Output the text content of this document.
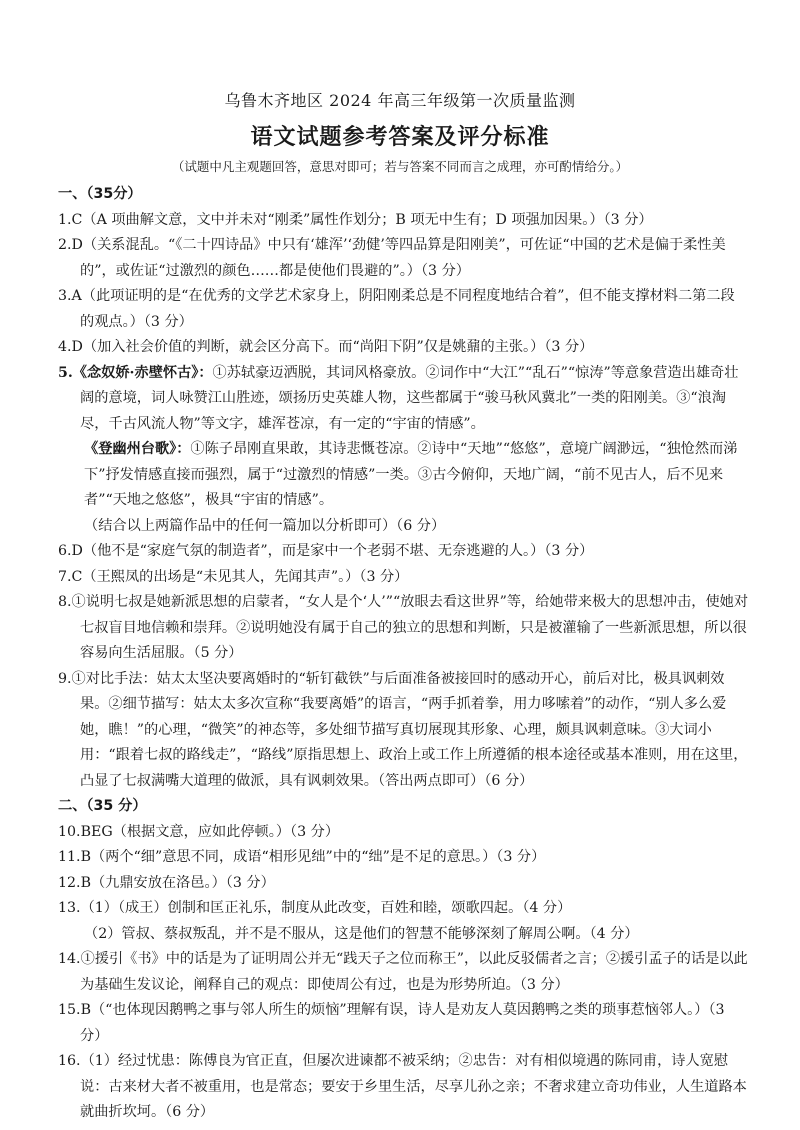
乌鲁木齐地区 2024 年高三年级第一次质量监测
语文试题参考答案及评分标准
（试题中凡主观题回答，意思对即可；若与答案不同而言之成理，亦可酌情给分。）

一、（35分）

1.C（A 项曲解文意，文中并未对“刚柔”属性作划分；B 项无中生有；D 项强加因果。）（3 分）

2.D（关系混乱。“《二十四诗品》中只有‘雄浑’‘劲健’等四品算是阳刚美”，可佐证“中国的艺术是偏于柔性美的”，或佐证“过激烈的颜色……都是使他们畏避的”。）（3 分）

3.A（此项证明的是“在优秀的文学艺术家身上，阴阳刚柔总是不同程度地结合着”，但不能支撑材料二第二段的观点。）（3 分）

4.D（加入社会价值的判断，就会区分高下。而“尚阳下阴”仅是姚鼐的主张。）（3 分）

5.《念奴娇·赤壁怀古》：①苏轼豪迈洒脱，其词风格豪放。②词作中“大江”“乱石”“惊涛”等意象营造出雄奇壮阔的意境，词人咏赞江山胜迹，颂扬历史英雄人物，这些都属于“骏马秋风冀北”一类的阳刚美。③“浪淘尽，千古风流人物”等文字，雄浑苍凉，有一定的“宇宙的情感”。

《登幽州台歌》：①陈子昂刚直果敢，其诗悲慨苍凉。②诗中“天地”“悠悠”，意境广阔渺远，“独怆然而涕下”抒发情感直接而强烈，属于“过激烈的情感”一类。③古今俯仰，天地广阔，“前不见古人，后不见来者”“天地之悠悠”，极具“宇宙的情感”。

（结合以上两篇作品中的任何一篇加以分析即可）（6 分）

6.D（他不是“家庭气氛的制造者”，而是家中一个老弱不堪、无奈逃避的人。）（3 分）

7.C（王熙凤的出场是“未见其人，先闻其声”。）（3 分）

8.①说明七叔是她新派思想的启蒙者，“女人是个‘人’”“放眼去看这世界”等，给她带来极大的思想冲击，使她对七叔盲目地信赖和崇拜。②说明她没有属于自己的独立的思想和判断，只是被灌输了一些新派思想，所以很容易向生活屈服。（5 分）

9.①对比手法：姑太太坚决要离婚时的“斩钉截铁”与后面准备被接回时的感动开心，前后对比，极具讽刺效果。②细节描写：姑太太多次宣称“我要离婚”的语言，“两手抓着拳，用力哆嗦着”的动作，“别人多么爱她，瞧！”的心理，“微笑”的神态等，多处细节描写真切展现其形象、心理，颇具讽刺意味。③大词小用：“跟着七叔的路线走”，“路线”原指思想上、政治上或工作上所遵循的根本途径或基本准则，用在这里，凸显了七叔满嘴大道理的做派，具有讽刺效果。（答出两点即可）（6 分）

二、（35 分）

10.BEG（根据文意，应如此停顿。）（3 分）

11.B（两个“细”意思不同，成语“相形见绌”中的“绌”是不足的意思。）（3 分）

12.B（九鼎安放在洛邑。）（3 分）

13.（1）（成王）创制和匡正礼乐，制度从此改变，百姓和睦，颂歌四起。（4 分）

（2）管叔、蔡叔叛乱，并不是不服从，这是他们的智慧不能够深刻了解周公啊。（4 分）

14.①援引《书》中的话是为了证明周公并无“践天子之位而称王”，以此反驳儒者之言；②援引孟子的话是以此为基础生发议论，阐释自己的观点：即使周公有过，也是为形势所迫。（3 分）

15.B（“也体现因鹅鸭之事与邻人所生的烦恼”理解有误，诗人是劝友人莫因鹅鸭之类的琐事惹恼邻人。）（3 分）

16.（1）经过忧患：陈傅良为官正直，但屡次进谏都不被采纳；②忠告：对有相似境遇的陈同甫，诗人宽慰说：古来材大者不被重用，也是常态；要安于乡里生活，尽享儿孙之亲；不奢求建立奇功伟业，人生道路本就曲折坎坷。（6 分）
